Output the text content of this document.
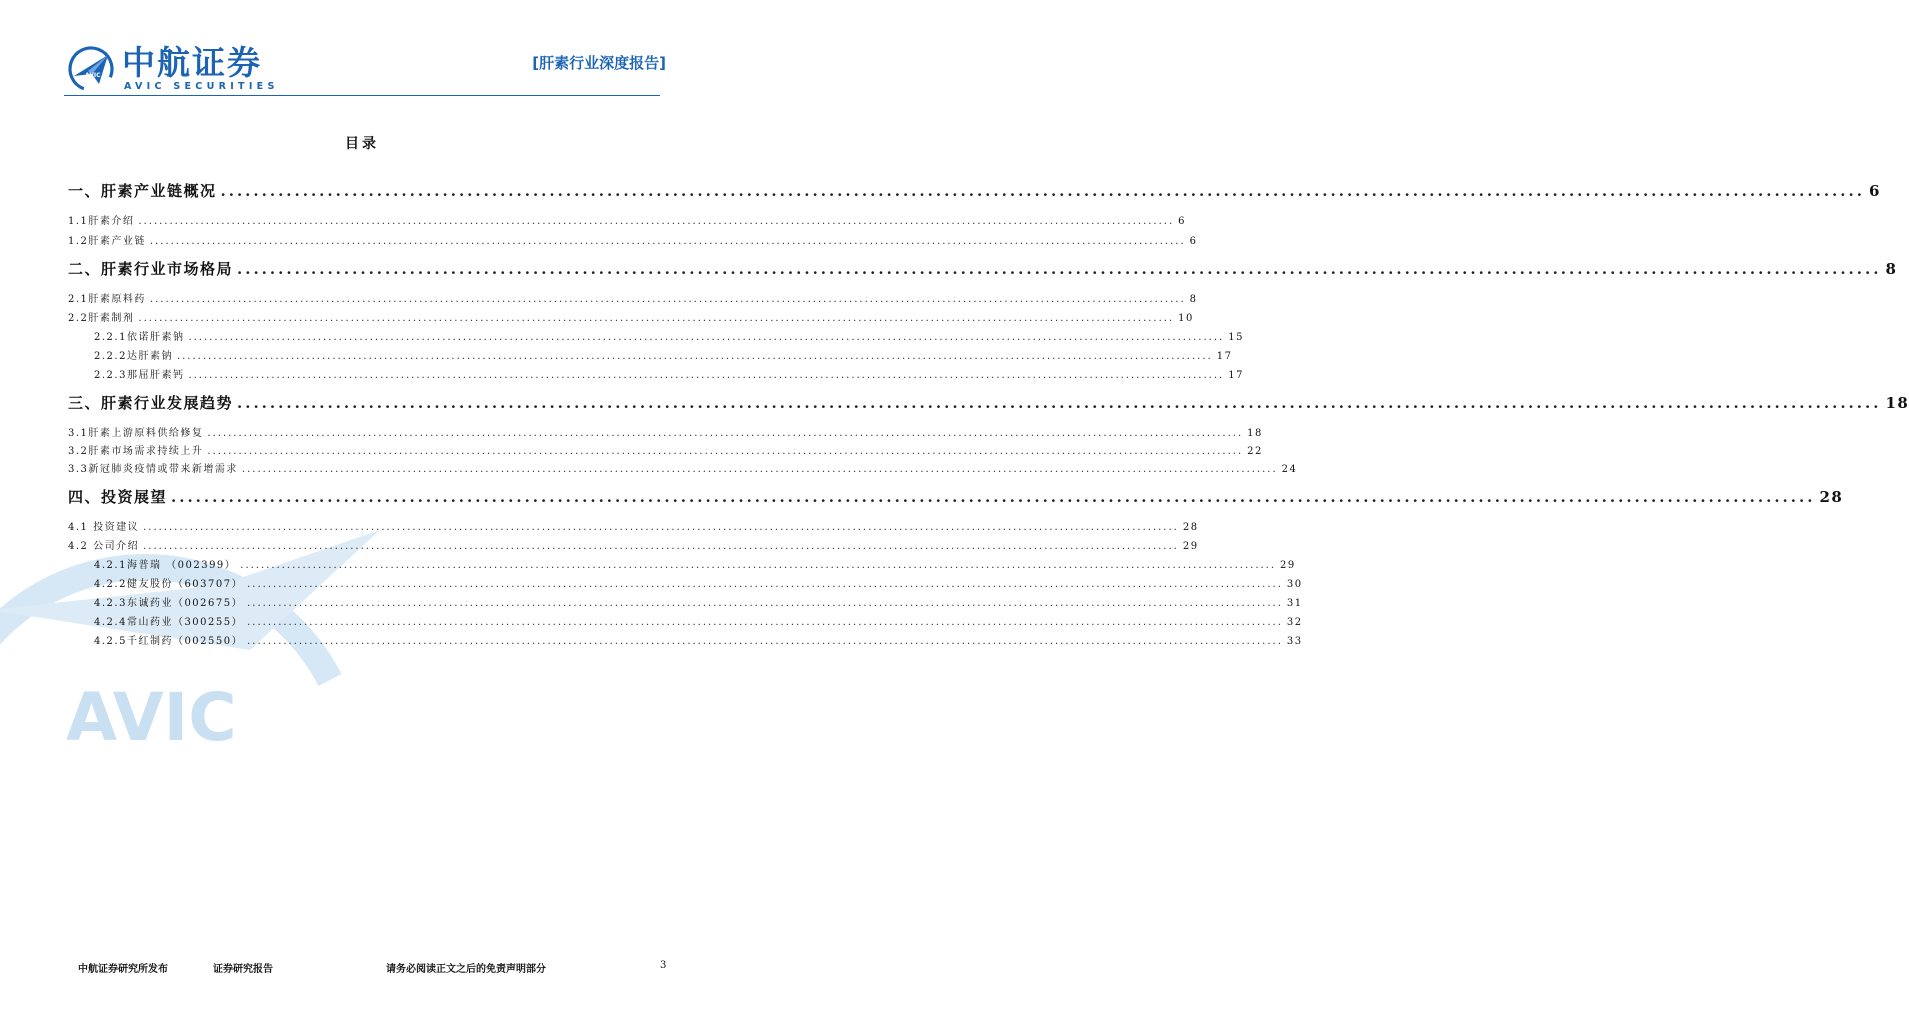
AVIC 中航证券
AVIC SECURITIES
[肝素行业深度报告]
AVIC
目录
一、肝素产业链概况 ........................................................................................................................................................................................................ 6
1.1肝素介绍 ........................................................................................................................................................................................................ 6
1.2肝素产业链 ........................................................................................................................................................................................................ 6
二、肝素行业市场格局 ........................................................................................................................................................................................................ 8
2.1肝素原料药 ........................................................................................................................................................................................................ 8
2.2肝素制剂 ........................................................................................................................................................................................................ 10
2.2.1依诺肝素钠 ........................................................................................................................................................................................................ 15
2.2.2达肝素钠 ........................................................................................................................................................................................................ 17
2.2.3那屈肝素钙 ........................................................................................................................................................................................................ 17
三、肝素行业发展趋势 ........................................................................................................................................................................................................ 18
3.1肝素上游原料供给修复 ........................................................................................................................................................................................................ 18
3.2肝素市场需求持续上升 ........................................................................................................................................................................................................ 22
3.3新冠肺炎疫情或带来新增需求 ........................................................................................................................................................................................................ 24
四、投资展望 ........................................................................................................................................................................................................ 28
4.1 投资建议 ........................................................................................................................................................................................................ 28
4.2 公司介绍 ........................................................................................................................................................................................................ 29
4.2.1海普瑞 （002399） ........................................................................................................................................................................................................ 29
4.2.2健友股份（603707） ........................................................................................................................................................................................................ 30
4.2.3东诚药业（002675） ........................................................................................................................................................................................................ 31
4.2.4常山药业（300255） ........................................................................................................................................................................................................ 32
4.2.5千红制药（002550） ........................................................................................................................................................................................................ 33
中航证券研究所发布	证券研究报告	请务必阅读正文之后的免责声明部分	3
